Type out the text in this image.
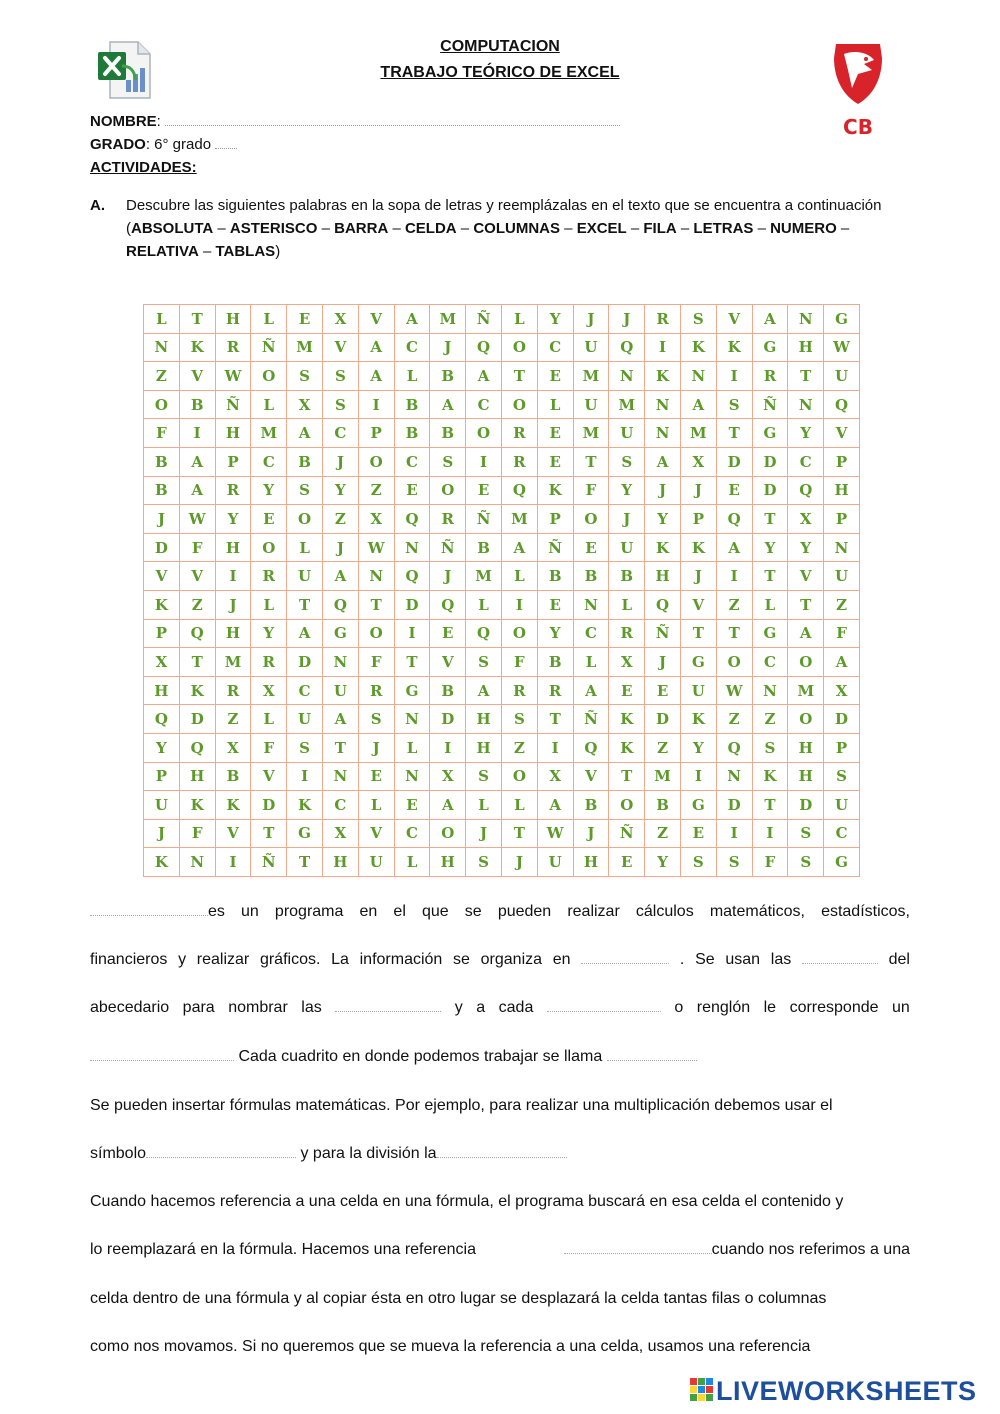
COMPUTACION
TRABAJO TEÓRICO DE EXCEL
CB
NOMBRE:
GRADO: 6° grado
ACTIVIDADES:
A. Descubre las siguientes palabras en la sopa de letras y reemplázalas en el texto que se encuentra a continuación (ABSOLUTA – ASTERISCO – BARRA – CELDA – COLUMNAS – EXCEL – FILA – LETRAS – NUMERO – RELATIVA – TABLAS)
L	T	H	L	E	X	V	A	M	Ñ	L	Y	J	J	R	S	V	A	N	G
N	K	R	Ñ	M	V	A	C	J	Q	O	C	U	Q	I	K	K	G	H	W
Z	V	W	O	S	S	A	L	B	A	T	E	M	N	K	N	I	R	T	U
O	B	Ñ	L	X	S	I	B	A	C	O	L	U	M	N	A	S	Ñ	N	Q
F	I	H	M	A	C	P	B	B	O	R	E	M	U	N	M	T	G	Y	V
B	A	P	C	B	J	O	C	S	I	R	E	T	S	A	X	D	D	C	P
B	A	R	Y	S	Y	Z	E	O	E	Q	K	F	Y	J	J	E	D	Q	H
J	W	Y	E	O	Z	X	Q	R	Ñ	M	P	O	J	Y	P	Q	T	X	P
D	F	H	O	L	J	W	N	Ñ	B	A	Ñ	E	U	K	K	A	Y	Y	N
V	V	I	R	U	A	N	Q	J	M	L	B	B	B	H	J	I	T	V	U
K	Z	J	L	T	Q	T	D	Q	L	I	E	N	L	Q	V	Z	L	T	Z
P	Q	H	Y	A	G	O	I	E	Q	O	Y	C	R	Ñ	T	T	G	A	F
X	T	M	R	D	N	F	T	V	S	F	B	L	X	J	G	O	C	O	A
H	K	R	X	C	U	R	G	B	A	R	R	A	E	E	U	W	N	M	X
Q	D	Z	L	U	A	S	N	D	H	S	T	Ñ	K	D	K	Z	Z	O	D
Y	Q	X	F	S	T	J	L	I	H	Z	I	Q	K	Z	Y	Q	S	H	P
P	H	B	V	I	N	E	N	X	S	O	X	V	T	M	I	N	K	H	S
U	K	K	D	K	C	L	E	A	L	L	A	B	O	B	G	D	T	D	U
J	F	V	T	G	X	V	C	O	J	T	W	J	Ñ	Z	E	I	I	S	C
K	N	I	Ñ	T	H	U	L	H	S	J	U	H	E	Y	S	S	F	S	G
es un programa en el que se pueden realizar cálculos matemáticos, estadísticos,
financieros y realizar gráficos. La información se organiza en	. Se usan las	del
abecedario para nombrar las	y a cada	o renglón le corresponde un
Cada cuadrito en donde podemos trabajar se llama
Se pueden insertar fórmulas matemáticas. Por ejemplo, para realizar una multiplicación debemos usar el
símbolo	y para la división la
Cuando hacemos referencia a una celda en una fórmula, el programa buscará en esa celda el contenido y
lo reemplazará en la fórmula. Hacemos una referencia	cuando nos referimos a una
celda dentro de una fórmula y al copiar ésta en otro lugar se desplazará la celda tantas filas o columnas
como nos movamos. Si no queremos que se mueva la referencia a una celda, usamos una referencia
LIVEWORKSHEETS
